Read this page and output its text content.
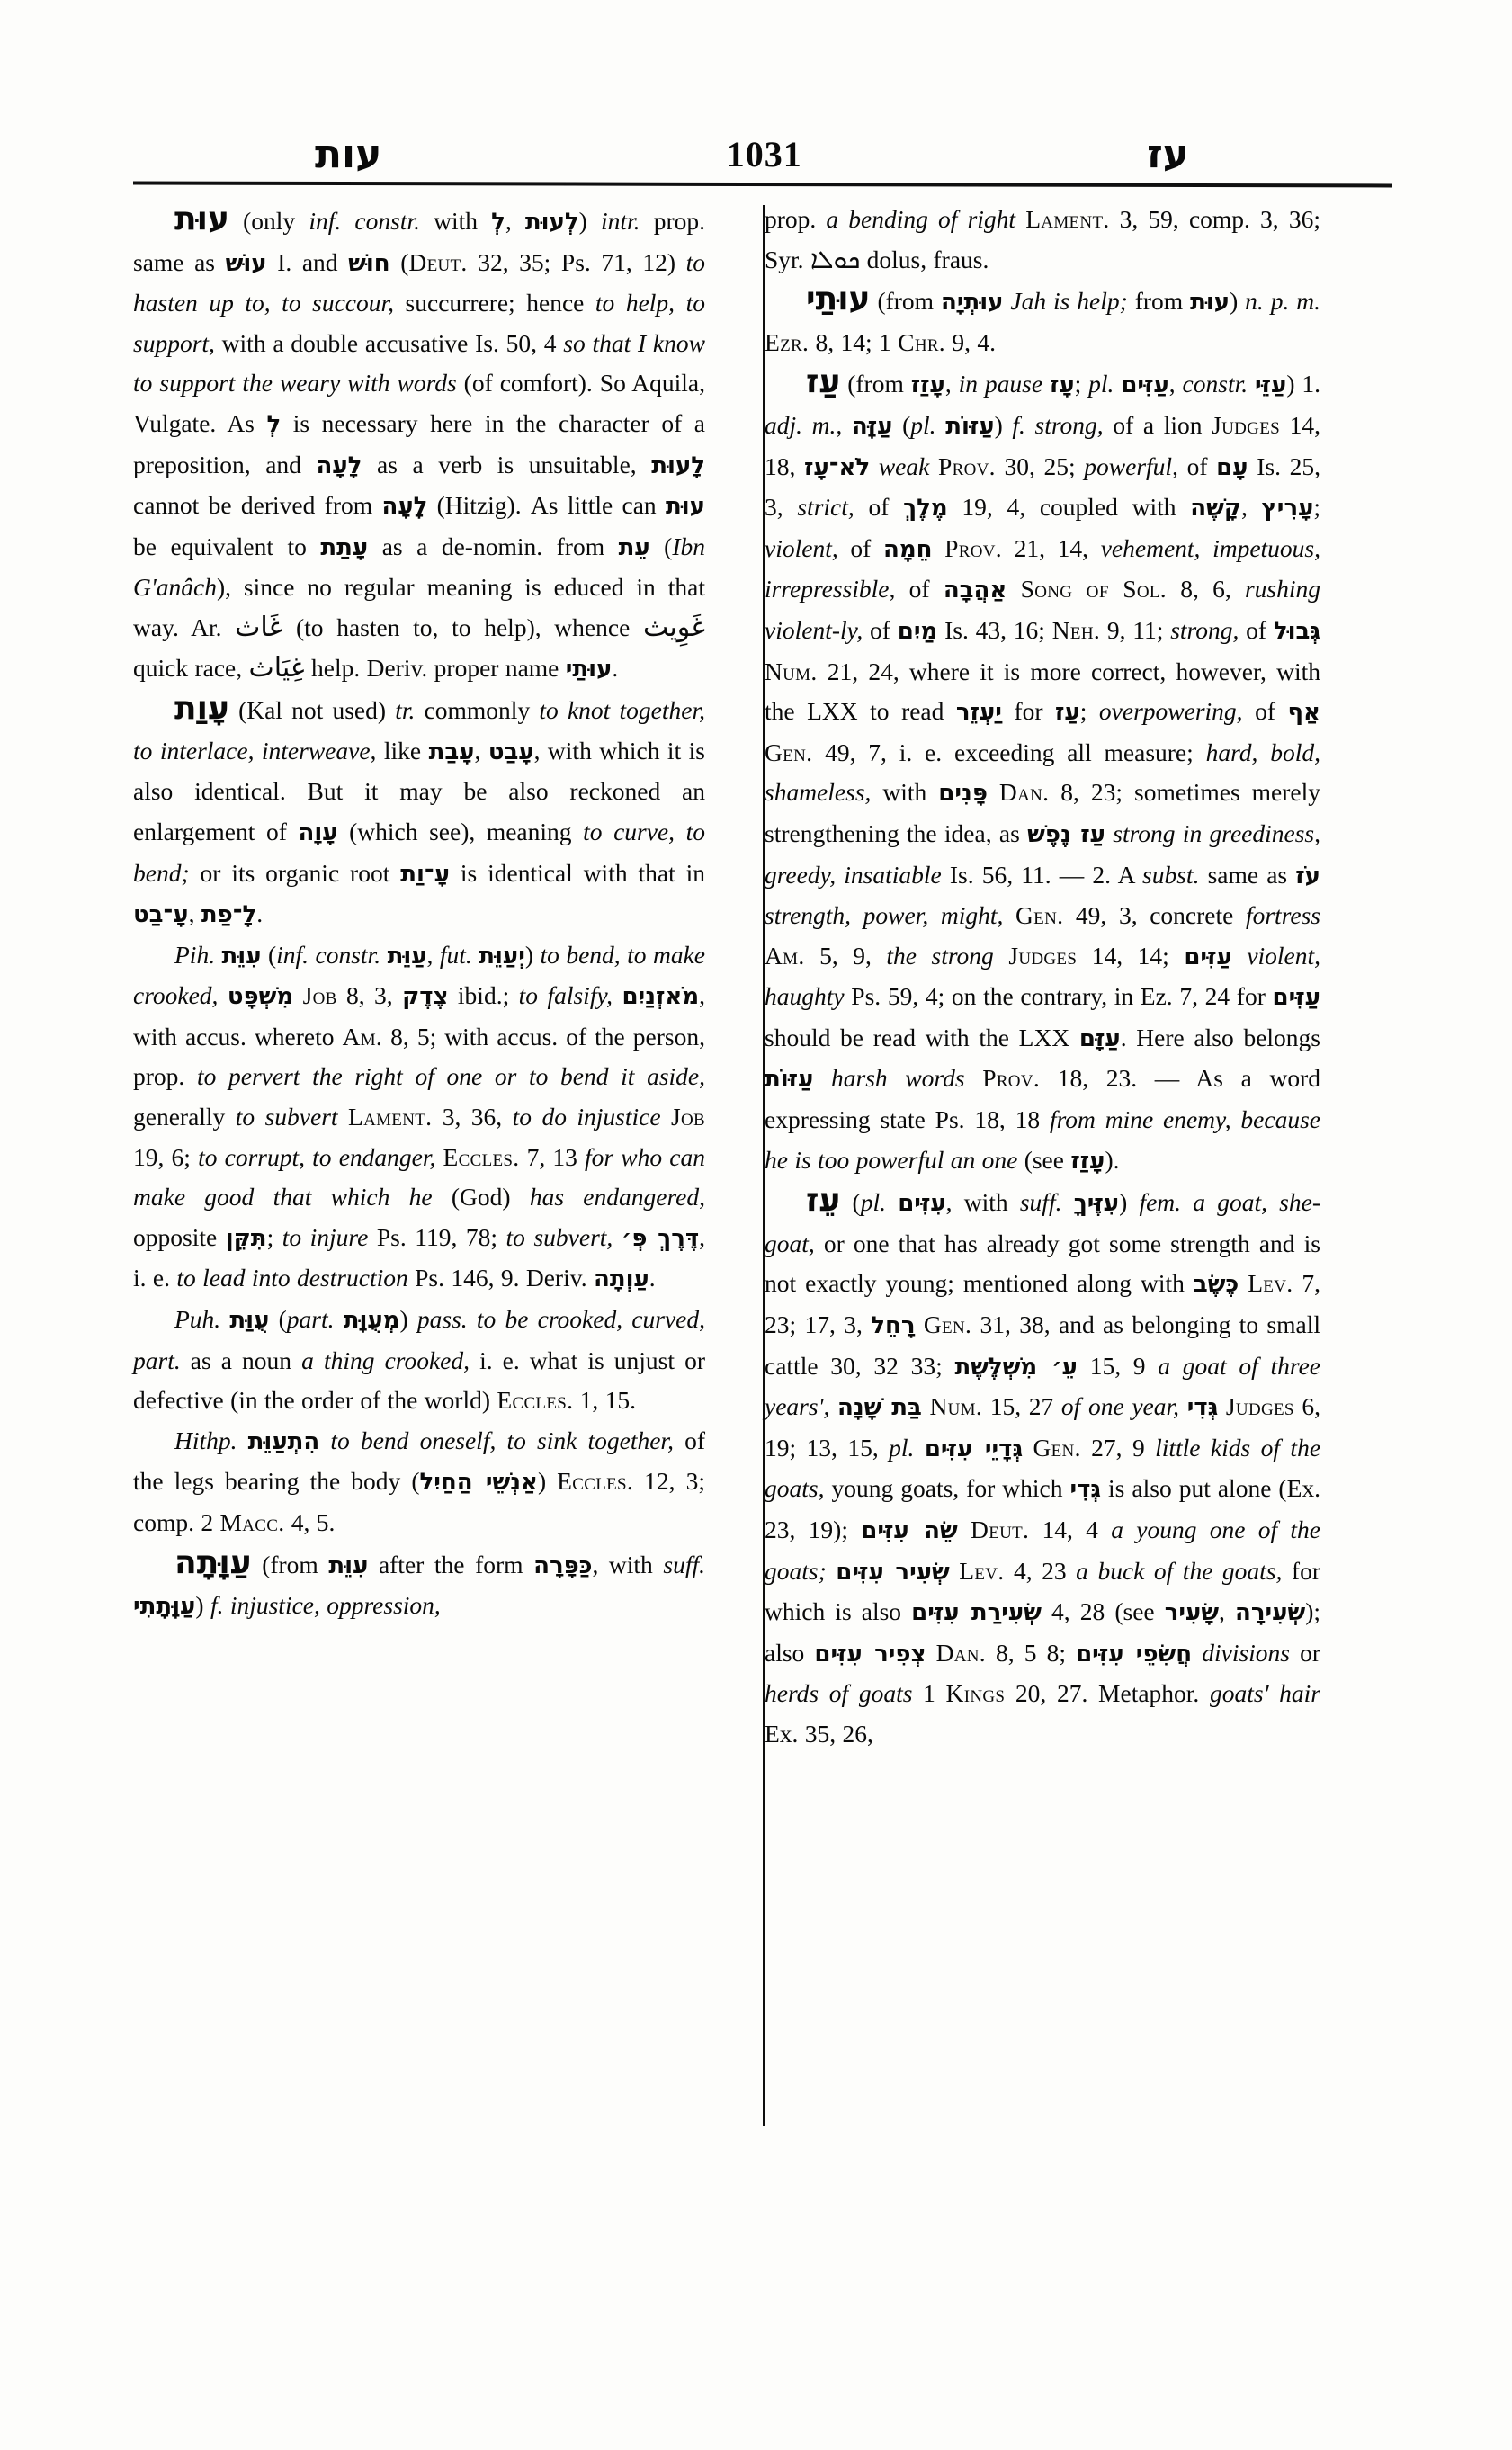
עות	1031	עז

עוּת (only inf. constr. with לְ, לְעוּת) intr. prop. same as עוּשׁ I. and חוּשׁ (Deut. 32, 35; Ps. 71, 12) to hasten up to, to succour, succurrere; hence to help, to support, with a double accusative Is. 50, 4 so that I know to support the weary with words (of comfort). So Aquila, Vulgate. As לְ is necessary here in the character of a preposition, and לָעָה as a verb is unsuitable, לָעוּת cannot be derived from לָעָה (Hitzig). As little can עוּת be equivalent to עָתַת as a de-nomin. from עֵת (Ibn G'anâch), since no regular meaning is educed in that way. Ar. غَاث (to hasten to, to help), whence غَوِيث quick race, غِيَاث help. Deriv. proper name עוּתַי.

עָוַת (Kal not used) tr. commonly to knot together, to interlace, interweave, like עָבַת, עָבַט, with which it is also identical. But it may be also reckoned an enlargement of עָוָה (which see), meaning to curve, to bend; or its organic root עָ־וַת is identical with that in עָ־בַט, לָ־פַת.

Pih. עִוֵּת (inf. constr. עַוֵּת, fut. יְעַוֵּת) to bend, to make crooked, מִשְׁפָּט Job 8, 3, צֶדֶק ibid.; to falsify, מֹאזְנַיִם, with accus. whereto Am. 8, 5; with accus. of the person, prop. to pervert the right of one or to bend it aside, generally to subvert Lament. 3, 36, to do injustice Job 19, 6; to corrupt, to endanger, Eccles. 7, 13 for who can make good that which he (God) has endangered, opposite תִּקֵּן; to injure Ps. 119, 78; to subvert, דֶּרֶךְ פְּ׳, i. e. to lead into destruction Ps. 146, 9. Deriv. עַוְתָה.

Puh. עֻוַּת (part. מְעֻוָּת) pass. to be crooked, curved, part. as a noun a thing crooked, i. e. what is unjust or defective (in the order of the world) Eccles. 1, 15.

Hithp. הִתְעַוֵּת to bend oneself, to sink together, of the legs bearing the body (אַנְשֵׁי הַחַיִל) Eccles. 12, 3; comp. 2 Macc. 4, 5.

עַוָּתָה (from עִוֵּת after the form כַּפָּרָה, with suff. עַוָּתָתִי) f. injustice, oppression,

prop. a bending of right Lament. 3, 59, comp. 3, 36; Syr. ܟܘܠܐ dolus, fraus.

עוּתַי (from עוּתְיָה Jah is help; from עוּת) n. p. m. Ezr. 8, 14; 1 Chr. 9, 4.

עַז (from עָזַז, in pause עָז; pl. עַזִּים, constr. עַזֵּי) 1. adj. m., עַזָּה (pl. עַזּוֹת) f. strong, of a lion Judges 14, 18, לֹא־עָז weak Prov. 30, 25; powerful, of עָם Is. 25, 3, strict, of מֶלֶךְ 19, 4, coupled with קָשֶׁה, עָרִיץ; violent, of חֵמָה Prov. 21, 14, vehement, impetuous, irrepressible, of אַהֲבָה Song of Sol. 8, 6, rushing violent-ly, of מַיִם Is. 43, 16; Neh. 9, 11; strong, of גְּבוּל Num. 21, 24, where it is more correct, however, with the LXX to read יַעְזֵר for עַז; overpowering, of אַף Gen. 49, 7, i. e. exceeding all measure; hard, bold, shameless, with פָּנִים Dan. 8, 23; sometimes merely strengthening the idea, as עַז נֶפֶשׁ strong in greediness, greedy, insatiable Is. 56, 11. — 2. A subst. same as עֹז strength, power, might, Gen. 49, 3, concrete fortress Am. 5, 9, the strong Judges 14, 14; עַזִּים violent, haughty Ps. 59, 4; on the contrary, in Ez. 7, 24 for עַזִּים should be read with the LXX עַזָּם. Here also belongs עַזּוֹת harsh words Prov. 18, 23. — As a word expressing state Ps. 18, 18 from mine enemy, because he is too powerful an one (see עָזַז).

עֵז (pl. עִזִּים, with suff. עִזֶּיךָ) fem. a goat, she-goat, or one that has already got some strength and is not exactly young; mentioned along with כֶּשֶׂב Lev. 7, 23; 17, 3, רָחֵל Gen. 31, 38, and as belonging to small cattle 30, 32 33; עֵ׳ מִשְׁלֶּשֶׁת 15, 9 a goat of three years', בַּת שָׁנָה Num. 15, 27 of one year, גְּדִי Judges 6, 19; 13, 15, pl. גְּדָיֵי עִזִּים Gen. 27, 9 little kids of the goats, young goats, for which גְּדִי is also put alone (Ex. 23, 19); שֵׂה עִזִּים Deut. 14, 4 a young one of the goats; שְׂעִיר עִזִּים Lev. 4, 23 a buck of the goats, for which is also שְׂעִירַת עִזִּים 4, 28 (see שָׂעִיר, שְׂעִירָה); also צְפִיר עִזִּים Dan. 8, 5 8; חֲשִׂפֵי עִזִּים divisions or herds of goats 1 Kings 20, 27. Metaphor. goats' hair Ex. 35, 26,
